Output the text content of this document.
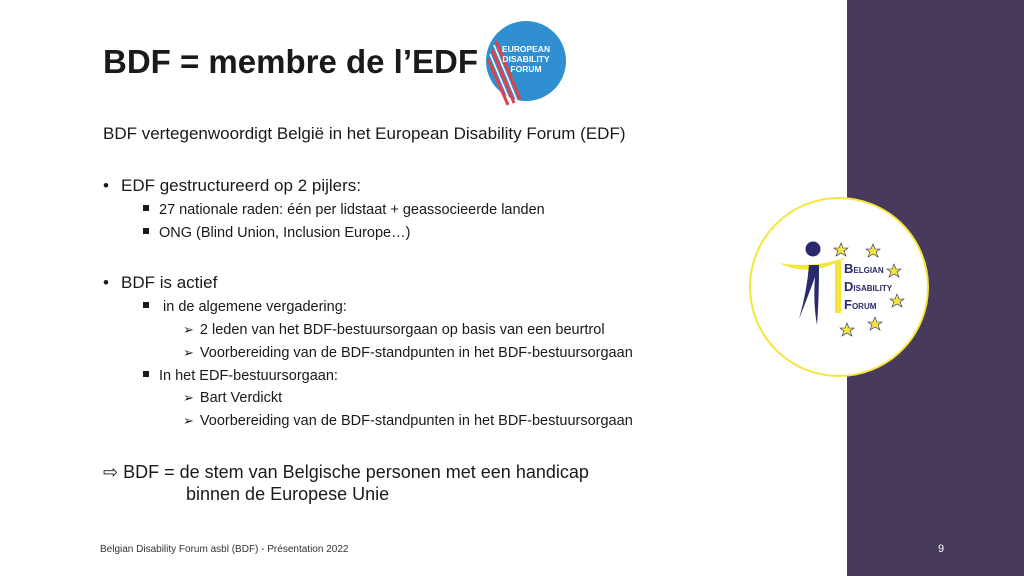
BDF = membre de l’EDF	EUROPEAN
DISABILITY
FORUM
BDF vertegenwoordigt België in het European Disability Forum (EDF)
• EDF gestructureerd op 2 pijlers:
27 nationale raden: één per lidstaat + geassocieerde landen
ONG (Blind Union, Inclusion Europe…)
• BDF is actief
in de algemene vergadering:
➢ 2 leden van het BDF-bestuursorgaan op basis van een beurtrol
➢ Voorbereiding van de BDF-standpunten in het BDF-bestuursorgaan
In het EDF-bestuursorgaan:
➢ Bart Verdickt
➢ Voorbereiding van de BDF-standpunten in het BDF-bestuursorgaan
⇨ BDF = de stem van Belgische personen met een handicap
binnen de Europese Unie
BELGIAN
DISABILITY
FORUM
Belgian Disability Forum asbl (BDF) - Présentation 2022	9
